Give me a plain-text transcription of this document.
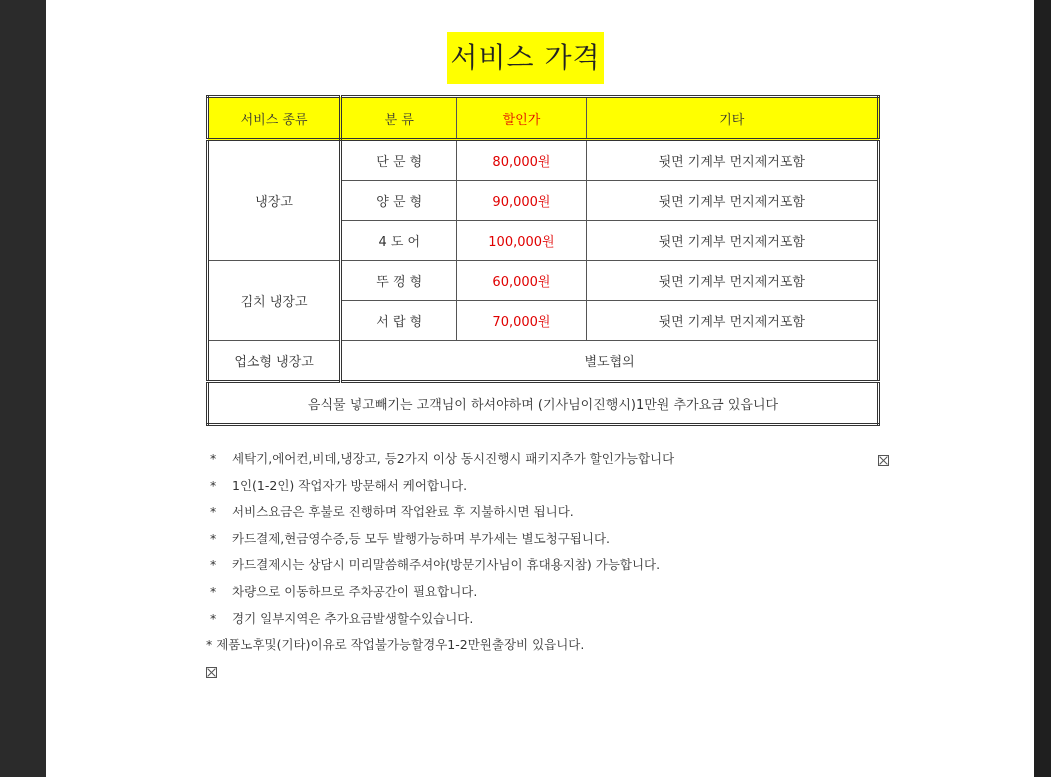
서비스 가격
서비스 종류	분 류	할인가	기타
냉장고	단 문 형	80,000원	뒷면 기계부 먼지제거포함
	양 문 형	90,000원	뒷면 기계부 먼지제거포함
	4 도 어	100,000원	뒷면 기계부 먼지제거포함
김치 냉장고	뚜 껑 형	60,000원	뒷면 기계부 먼지제거포함
	서 랍 형	70,000원	뒷면 기계부 먼지제거포함
업소형 냉장고	별도협의		
음식물 넣고빼기는 고객님이 하셔야하며 (기사님이진행시)1만원 추가요금 있읍니다			
* 세탁기,에어컨,비데,냉장고, 등2가지 이상 동시진행시 패키지추가 할인가능합니다
* 1인(1-2인) 작업자가 방문해서 케어합니다.
* 서비스요금은 후불로 진행하며 작업완료 후 지불하시면 됩니다.
* 카드결제,현금영수증,등 모두 발행가능하며 부가세는 별도청구됩니다.
* 카드결제시는 상담시 미리말씀해주셔야(방문기사님이 휴대용지참) 가능합니다.
* 차량으로 이동하므로 주차공간이 필요합니다.
* 경기 일부지역은 추가요금발생할수있습니다.
* 제품노후및(기타)이유로 작업불가능할경우1-2만원출장비 있읍니다.
